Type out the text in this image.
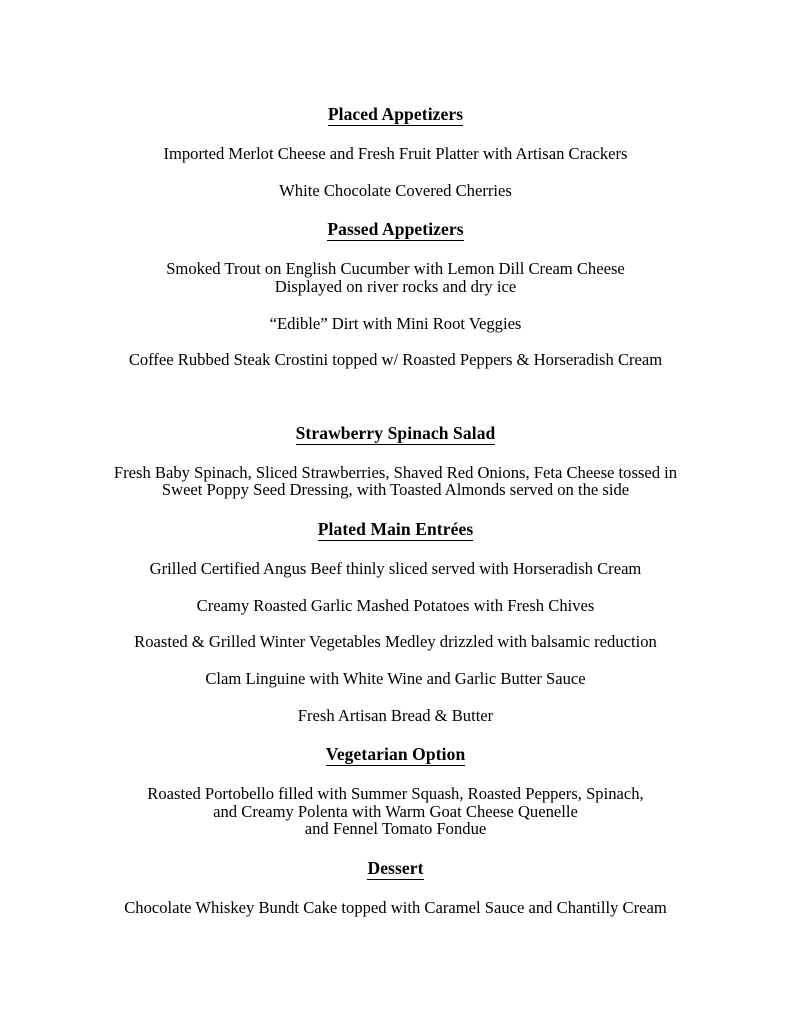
Placed Appetizers
Imported Merlot Cheese and Fresh Fruit Platter with Artisan Crackers
White Chocolate Covered Cherries
Passed Appetizers
Smoked Trout on English Cucumber with Lemon Dill Cream Cheese
Displayed on river rocks and dry ice
“Edible” Dirt with Mini Root Veggies
Coffee Rubbed Steak Crostini topped w/ Roasted Peppers & Horseradish Cream
Strawberry Spinach Salad
Fresh Baby Spinach, Sliced Strawberries, Shaved Red Onions, Feta Cheese tossed in
Sweet Poppy Seed Dressing, with Toasted Almonds served on the side
Plated Main Entrées
Grilled Certified Angus Beef thinly sliced served with Horseradish Cream
Creamy Roasted Garlic Mashed Potatoes with Fresh Chives
Roasted & Grilled Winter Vegetables Medley drizzled with balsamic reduction
Clam Linguine with White Wine and Garlic Butter Sauce
Fresh Artisan Bread & Butter
Vegetarian Option
Roasted Portobello filled with Summer Squash, Roasted Peppers, Spinach,
and Creamy Polenta with Warm Goat Cheese Quenelle
and Fennel Tomato Fondue
Dessert
Chocolate Whiskey Bundt Cake topped with Caramel Sauce and Chantilly Cream
